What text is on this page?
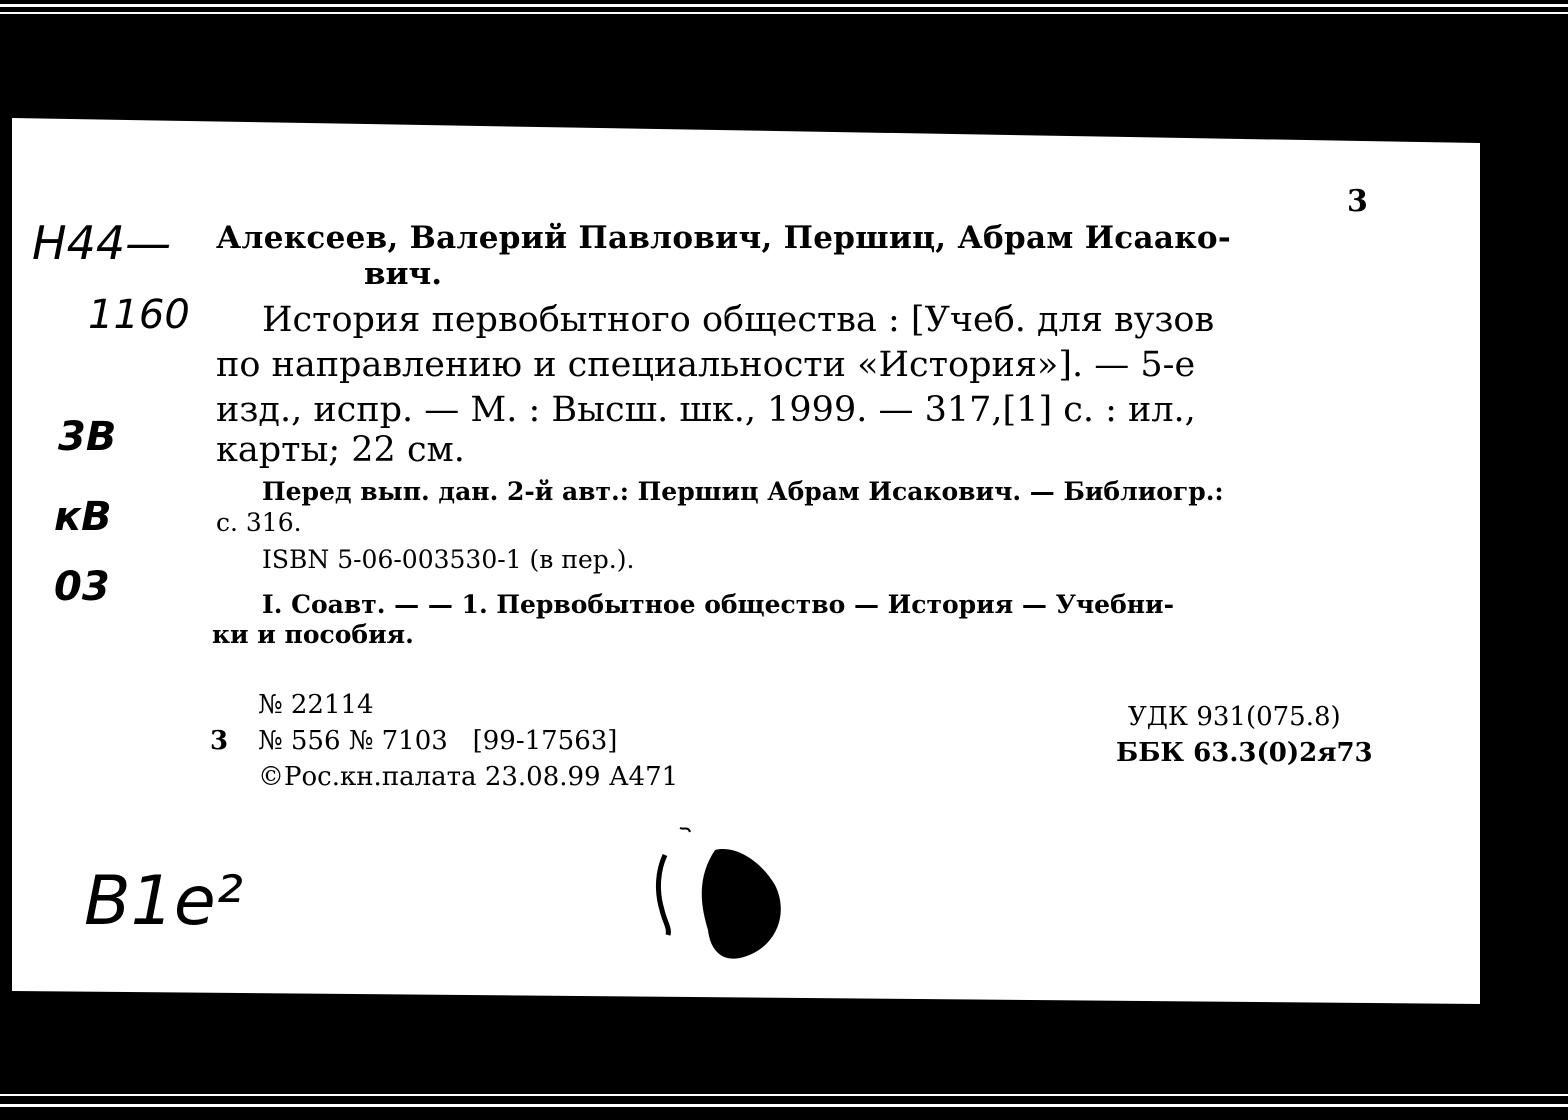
3
Алексеев, Валерий Павлович, Першиц, Абрам Исаако-
вич.
История первобытного общества : [Учеб. для вузов
по направлению и специальности «История»]. — 5-е
изд., испр. — М. : Высш. шк., 1999. — 317,[1] с. : ил.,
карты; 22 см.
Перед вып. дан. 2-й авт.: Першиц Абрам Исакович. — Библиогр.:
с. 316.
ISBN 5-06-003530-1 (в пер.).
I. Соавт. — — 1. Первобытное общество — История — Учебни-
ки и пособия.
№ 22114
3 № 556 № 7103   [99-17563]
©Рос.кн.палата 23.08.99 А471
УДК 931(075.8)
ББК 63.3(0)2я73
Н44—
1160
3В
кВ
03
В1е²
